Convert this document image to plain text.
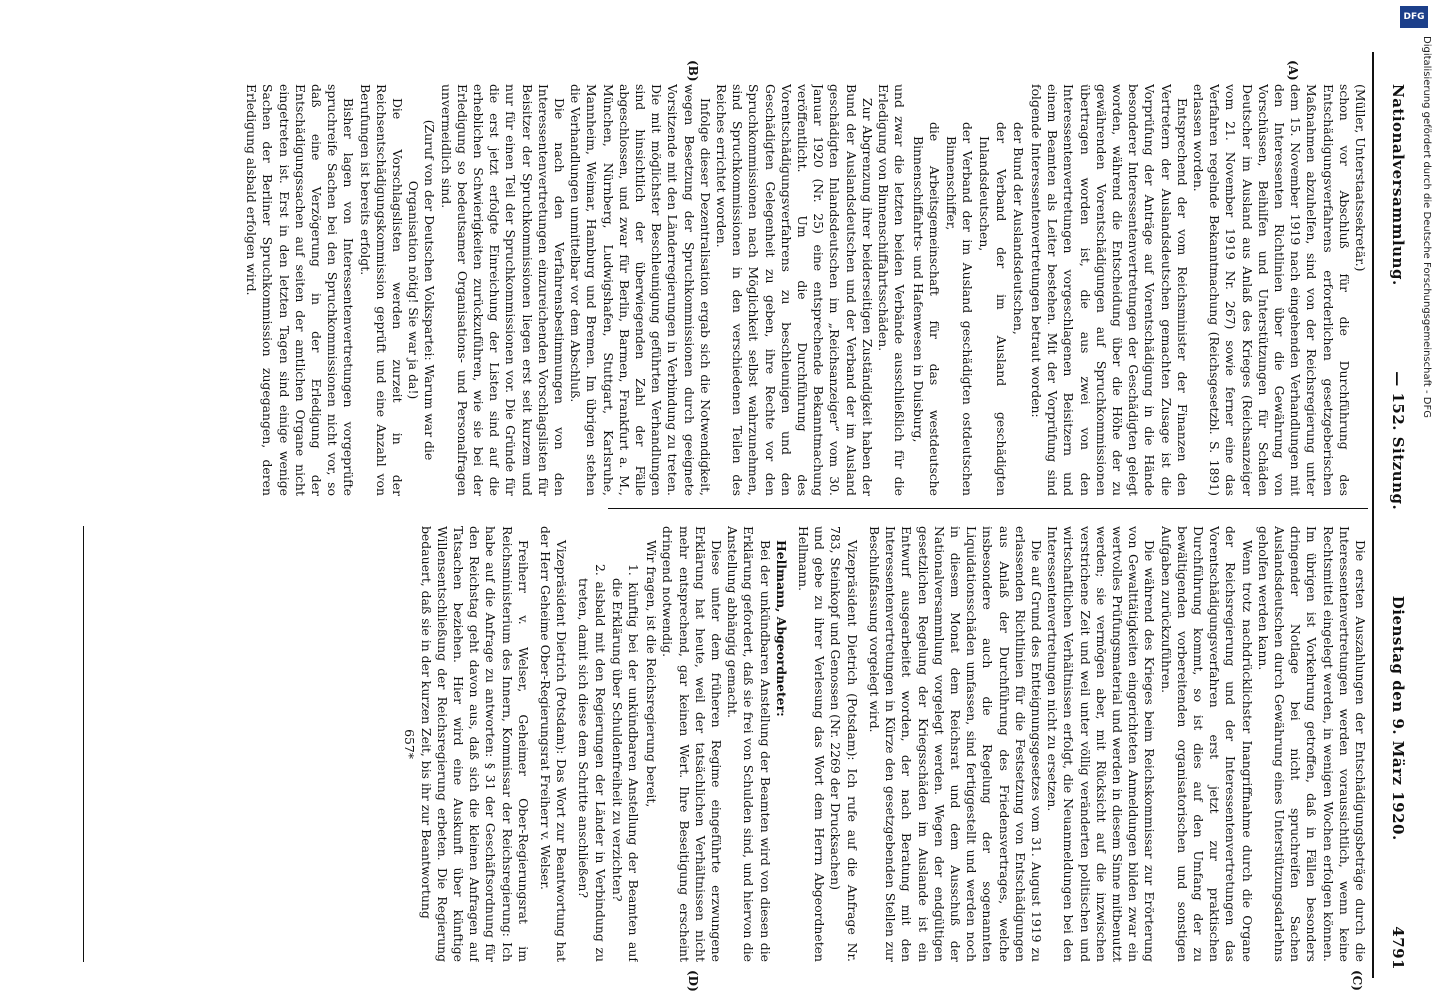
DFG
Digitalisierung gefördert durch die Deutsche Forschungsgemeinschaft - DFG
Nationalversammlung.
— 152. Sitzung.
Dienstag den 9. März 1920.
4791
(A)
(B)
(C)
(D)

(Müller, Unterstaatssekretär.)

schon vor Abschluß für die Durchführung des Entschädigungsverfahrens erforderlichen gesetzgeberischen Maßnahmen abzuhelfen, sind von der Reichsregierung unter dem 15. November 1919 nach eingehenden Verhandlungen mit den Interessenten Richtlinien über die Gewährung von Vorschüssen, Beihilfen und Unterstützungen für Schäden Deutscher im Ausland aus Anlaß des Krieges (Reichsanzeiger vom 21. November 1919 Nr. 267) sowie ferner eine das Verfahren regelnde Bekanntmachung (Reichsgesetzbl. S. 1891) erlassen worden.

Entsprechend der vom Reichsminister der Finanzen den Vertretern der Auslandsdeutschen gemachten Zusage ist die Vorprüfung der Anträge auf Vorentschädigung in die Hände besonderer Interessentenvertretungen der Geschädigten gelegt worden, während die Entscheidung über die Höhe der zu gewährenden Vorentschädigungen auf Spruchkommissionen übertragen worden ist, die aus zwei von den Interessentenvertretungen vorgeschlagenen Beisitzern und einem Beamten als Leiter bestehen. Mit der Vorprüfung sind folgende Interessentenvertretungen betraut worden:

der Bund der Auslandsdeutschen,
der Verband der im Ausland geschädigten Inlandsdeutschen,
der Verband der im Ausland geschädigten ostdeutschen Binnenschiffer,
die Arbeitsgemeinschaft für das westdeutsche Binnenschiffahrts- und Hafenwesen in Duisburg,

und zwar die letzten beiden Verbände ausschließlich für die Erledigung von Binnenschiffahrtsschäden.

Zur Abgrenzung ihrer beiderseitigen Zuständigkeit haben der Bund der Auslandsdeutschen und der Verband der im Ausland geschädigten Inlandsdeutschen im „Reichsanzeiger“ vom 30. Januar 1920 (Nr. 25) eine entsprechende Bekanntmachung veröffentlicht. Um die Durchführung des Vorentschädigungsverfahrens zu beschleunigen und den Geschädigten Gelegenheit zu geben, ihre Rechte vor den Spruchkommissionen nach Möglichkeit selbst wahrzunehmen, sind Spruchkommissionen in den verschiedenen Teilen des Reiches errichtet worden.

Infolge dieser Dezentralisation ergab sich die Notwendigkeit, wegen Besetzung der Spruchkommissionen durch geeignete Vorsitzende mit den Länderregierungen in Verbindung zu treten. Die mit möglichster Beschleunigung geführten Verhandlungen sind hinsichtlich der überwiegenden Zahl der Fälle abgeschlossen, und zwar für Berlin, Barmen, Frankfurt a. M., München, Nürnberg, Ludwigshafen, Stuttgart, Karlsruhe, Mannheim, Weimar, Hamburg und Bremen. Im übrigen stehen die Verhandlungen unmittelbar vor dem Abschluß.

Die nach den Verfahrensbestimmungen von den Interessentenvertretungen einzureichenden Vorschlagslisten für Beisitzer der Spruchkommissionen liegen erst seit kurzem und nur für einen Teil der Spruchkommissionen vor. Die Gründe für die erst jetzt erfolgte Einreichung der Listen sind auf die erheblichen Schwierigkeiten zurückzuführen, wie sie bei der Erledigung so bedeutsamer Organisations- und Personalfragen unvermeidlich sind.

(Zuruf von der Deutschen Volkspartei: Warum war die Organisation nötig! Sie war ja da!)

Die Vorschlagslisten werden zurzeit in der Reichsentschädigungskommission geprüft und eine Anzahl von Berufungen ist bereits erfolgt.

Bisher lagen von Interessentenvertretungen vorgeprüfte spruchreife Sachen bei den Spruchkommissionen nicht vor, so daß eine Verzögerung in der Erledigung der Entschädigungssachen auf seiten der amtlichen Organe nicht eingetreten ist. Erst in den letzten Tagen sind einige wenige Sachen der Berliner Spruchkommission zugegangen, deren Erledigung alsbald erfolgen wird.

Die ersten Auszahlungen der Entschädigungsbeträge durch die Interessentenvertretungen werden voraussichtlich, wenn keine Rechtsmittel eingelegt werden, in wenigen Wochen erfolgen können. Im übrigen ist Vorkehrung getroffen, daß in Fällen besonders dringender Notlage bei nicht spruchreifen Sachen Auslandsdeutschen durch Gewährung eines Unterstützungsdarlehns geholfen werden kann.

Wenn trotz nachdrücklichster Inangriffnahme durch die Organe der Reichsregierung und der Interessentenvertretungen das Vorentschädigungsverfahren erst jetzt zur praktischen Durchführung kommt, so ist dies auf den Umfang der zu bewältigenden vorbereitenden organisatorischen und sonstigen Aufgaben zurückzuführen.

Die während des Krieges beim Reichskommissar zur Erörterung von Gewalttätigkeiten eingerichteten Anmeldungen bilden zwar ein wertvolles Prüfungsmaterial und werden in diesem Sinne mitbenutzt werden; sie vermögen aber, mit Rücksicht auf die inzwischen verstrichene Zeit und weil unter völlig veränderten politischen und wirtschaftlichen Verhältnissen erfolgt, die Neuanmeldungen bei den Interessentenvertretungen nicht zu ersetzen.

Die auf Grund des Entteignungsgesetzes vom 31. August 1919 zu erlassenden Richtlinien für die Festsetzung von Entschädigungen aus Anlaß der Durchführung des Friedensvertrages, welche insbesondere auch die Regelung der sogenannten Liquidationsschäden umfassen, sind fertiggestellt und werden noch in diesem Monat dem Reichsrat und dem Ausschuß der Nationalversammlung vorgelegt werden. Wegen der endgültigen gesetzlichen Regelung der Kriegsschäden im Auslande ist ein Entwurf ausgearbeitet worden, der nach Beratung mit den Interessentenvertretungen in Kürze den gesetzgebenden Stellen zur Beschlußfassung vorgelegt wird.

Vizepräsident Dietrich (Potsdam): Ich rufe auf die Anfrage Nr. 783, Steinkopf und Genossen (Nr. 2269 der Drucksachen)

und gebe zu ihrer Verlesung das Wort dem Herrn Abgeordneten Hellmann.

Hellmann, Abgeordneter:

Bei der unkündbaren Anstellung der Beamten wird von diesen die Erklärung gefordert, daß sie frei von Schulden sind, und hiervon die Anstellung abhängig gemacht.

Diese unter dem früheren Regime eingeführte erzwungene Erklärung hat heute, weil der tatsächlichen Verhältnissen nicht mehr entsprechend, gar keinen Wert. Ihre Beseitigung erscheint dringend notwendig.

Wir fragen, ist die Reichsregierung bereit,

1. künftig bei der unkündbaren Anstellung der Beamten auf die Erklärung über Schuldenfreiheit zu verzichten?
2. alsbald mit den Regierungen der Länder in Verbindung zu treten, damit sich diese dem Schritte anschließen?

Vizepräsident Dietrich (Potsdam): Das Wort zur Beantwortung hat der Herr Geheime Ober-Regierungsrat Freiherr v. Welser.

Freiherr v. Welser, Geheimer Ober-Regierungsrat im Reichsministerium des Innern, Kommissar der Reichsregierung: Ich habe auf die Anfrage zu antworten: § 31 der Geschäftsordnung für den Reichstag geht davon aus, daß sich die kleinen Anfragen auf Tatsachen beziehen. Hier wird eine Auskunft über künftige Willensentschließung der Reichsregierung erbeten. Die Regierung bedauert, daß sie in der kurzen Zeit, bis ihr zur Beantwortung

657*
